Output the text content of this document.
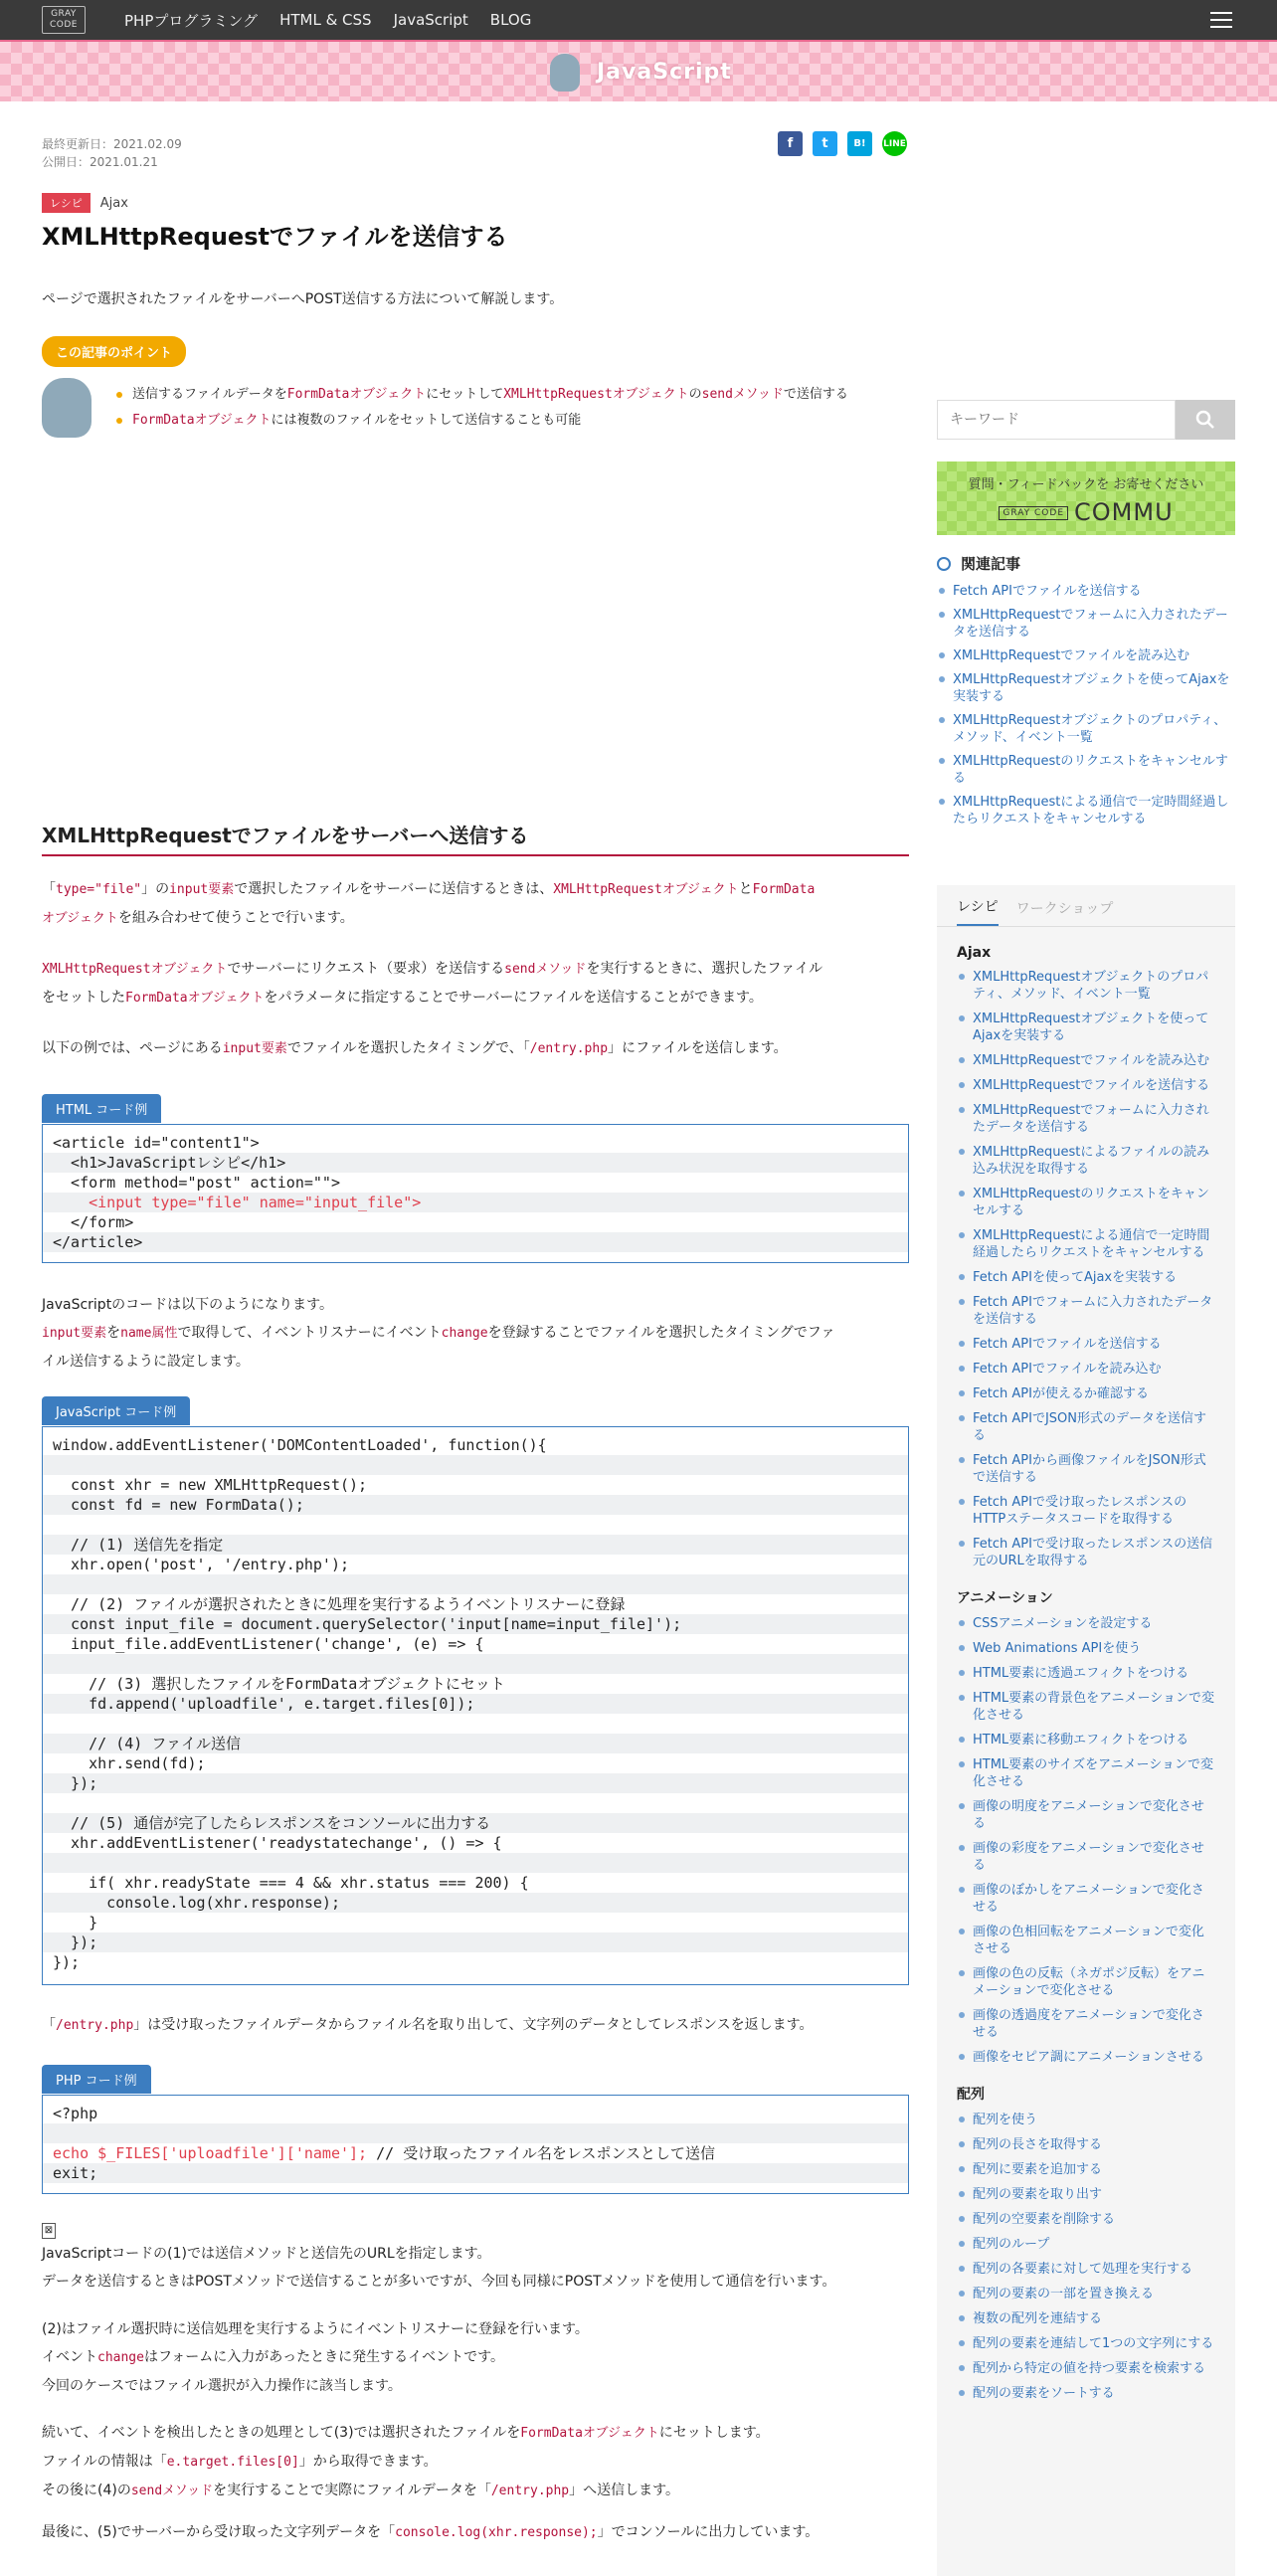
GRAY CODE	PHPプログラミング HTML & CSS JavaScript BLOG
JavaScript
最終更新日：2021.02.09
公開日：2021.01.21
f	t	B!	LINE
レシピ	Ajax
XMLHttpRequestでファイルを送信する

ページで選択されたファイルをサーバーへPOST送信する方法について解説します。

この記事のポイント
送信するファイルデータをFormDataオブジェクトにセットしてXMLHttpRequestオブジェクトのsendメソッドで送信する
FormDataオブジェクトには複数のファイルをセットして送信することも可能
XMLHttpRequestでファイルをサーバーへ送信する

「type="file"」のinput要素で選択したファイルをサーバーに送信するときは、XMLHttpRequestオブジェクトとFormData
オブジェクトを組み合わせて使うことで行います。

XMLHttpRequestオブジェクトでサーバーにリクエスト（要求）を送信するsendメソッドを実行するときに、選択したファイル
をセットしたFormDataオブジェクトをパラメータに指定することでサーバーにファイルを送信することができます。

以下の例では、ページにあるinput要素でファイルを選択したタイミングで、「/entry.php」にファイルを送信します。

HTML コード例
<article id="content1">
<h1>JavaScriptレシピ</h1>
<form method="post" action="">
<input type="file" name="input_file">
</form>
</article>

JavaScriptのコードは以下のようになります。
input要素をname属性で取得して、イベントリスナーにイベントchangeを登録することでファイルを選択したタイミングでファ
イル送信するように設定します。

JavaScript コード例
window.addEventListener('DOMContentLoaded', function(){
const xhr = new XMLHttpRequest();
const fd = new FormData();
// (1) 送信先を指定
xhr.open('post', '/entry.php');
// (2) ファイルが選択されたときに処理を実行するようイベントリスナーに登録
const input_file = document.querySelector('input[name=input_file]');
input_file.addEventListener('change', (e) => {
// (3) 選択したファイルをFormDataオブジェクトにセット
fd.append('uploadfile', e.target.files[0]);
// (4) ファイル送信
xhr.send(fd);
});
// (5) 通信が完了したらレスポンスをコンソールに出力する
xhr.addEventListener('readystatechange', () => {
if( xhr.readyState === 4 && xhr.status === 200) {
console.log(xhr.response);
}
});
});

「/entry.php」は受け取ったファイルデータからファイル名を取り出して、文字列のデータとしてレスポンスを返します。

PHP コード例
<?php
echo $_FILES['uploadfile']['name']; // 受け取ったファイル名をレスポンスとして送信
exit;
⊠

JavaScriptコードの(1)では送信メソッドと送信先のURLを指定します。
データを送信するときはPOSTメソッドで送信することが多いですが、今回も同様にPOSTメソッドを使用して通信を行います。

(2)はファイル選択時に送信処理を実行するようにイベントリスナーに登録を行います。
イベントchangeはフォームに入力があったときに発生するイベントです。
今回のケースではファイル選択が入力操作に該当します。

続いて、イベントを検出したときの処理として(3)では選択されたファイルをFormDataオブジェクトにセットします。
ファイルの情報は「e.target.files[0]」から取得できます。
その後に(4)のsendメソッドを実行することで実際にファイルデータを「/entry.php」へ送信します。

最後に、(5)でサーバーから受け取った文字列データを「console.log(xhr.response);」でコンソールに出力しています。

キーワード
質問・フィードバックを お寄せください
GRAY CODE COMMU
関連記事
Fetch APIでファイルを送信する
XMLHttpRequestでフォームに入力されたデータを送信する
XMLHttpRequestでファイルを読み込む
XMLHttpRequestオブジェクトを使ってAjaxを実装する
XMLHttpRequestオブジェクトのプロパティ、メソッド、イベント一覧
XMLHttpRequestのリクエストをキャンセルする
XMLHttpRequestによる通信で一定時間経過したらリクエストをキャンセルする
レシピ ワークショップ
Ajax
XMLHttpRequestオブジェクトのプロパティ、メソッド、イベント一覧
XMLHttpRequestオブジェクトを使ってAjaxを実装する
XMLHttpRequestでファイルを読み込む
XMLHttpRequestでファイルを送信する
XMLHttpRequestでフォームに入力されたデータを送信する
XMLHttpRequestによるファイルの読み込み状況を取得する
XMLHttpRequestのリクエストをキャンセルする
XMLHttpRequestによる通信で一定時間経過したらリクエストをキャンセルする
Fetch APIを使ってAjaxを実装する
Fetch APIでフォームに入力されたデータを送信する
Fetch APIでファイルを送信する
Fetch APIでファイルを読み込む
Fetch APIが使えるか確認する
Fetch APIでJSON形式のデータを送信する
Fetch APIから画像ファイルをJSON形式で送信する
Fetch APIで受け取ったレスポンスのHTTPステータスコードを取得する
Fetch APIで受け取ったレスポンスの送信元のURLを取得する
アニメーション
CSSアニメーションを設定する
Web Animations APIを使う
HTML要素に透過エフィクトをつける
HTML要素の背景色をアニメーションで変化させる
HTML要素に移動エフィクトをつける
HTML要素のサイズをアニメーションで変化させる
画像の明度をアニメーションで変化させる
画像の彩度をアニメーションで変化させる
画像のぼかしをアニメーションで変化させる
画像の色相回転をアニメーションで変化させる
画像の色の反転（ネガポジ反転）をアニメーションで変化させる
画像の透過度をアニメーションで変化させる
画像をセピア調にアニメーションさせる
配列
配列を使う
配列の長さを取得する
配列に要素を追加する
配列の要素を取り出す
配列の空要素を削除する
配列のループ
配列の各要素に対して処理を実行する
配列の要素の一部を置き換える
複数の配列を連結する
配列の要素を連結して1つの文字列にする
配列から特定の値を持つ要素を検索する
配列の要素をソートする
